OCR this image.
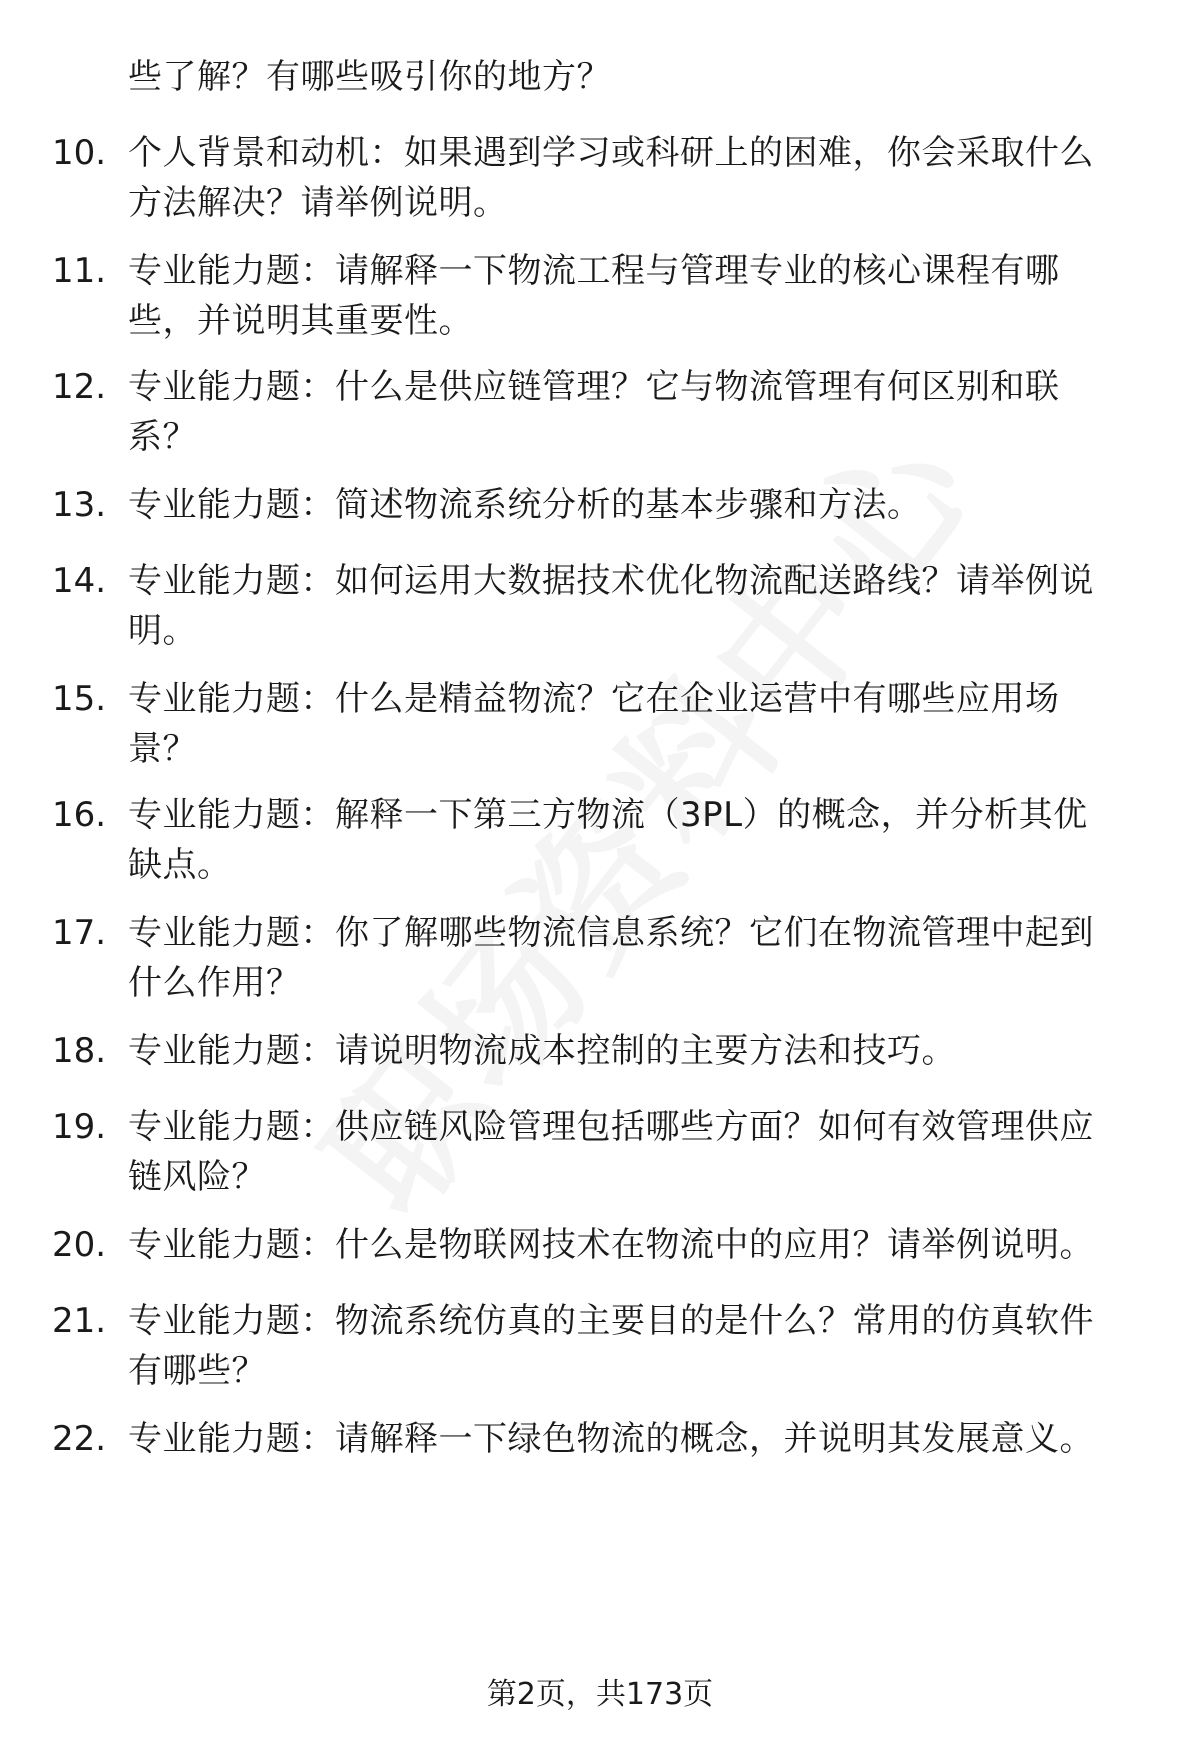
些了解？有哪些吸引你的地方？
10. 个人背景和动机：如果遇到学习或科研上的困难，你会采取什么
方法解决？请举例说明。
11. 专业能力题：请解释一下物流工程与管理专业的核心课程有哪
些，并说明其重要性。
12. 专业能力题：什么是供应链管理？它与物流管理有何区别和联
系？
13. 专业能力题：简述物流系统分析的基本步骤和方法。
14. 专业能力题：如何运用大数据技术优化物流配送路线？请举例说
明。
15. 专业能力题：什么是精益物流？它在企业运营中有哪些应用场
景？
16. 专业能力题：解释一下第三方物流（3PL）的概念，并分析其优
缺点。
17. 专业能力题：你了解哪些物流信息系统？它们在物流管理中起到
什么作用？
18. 专业能力题：请说明物流成本控制的主要方法和技巧。
19. 专业能力题：供应链风险管理包括哪些方面？如何有效管理供应
链风险？
20. 专业能力题：什么是物联网技术在物流中的应用？请举例说明。
21. 专业能力题：物流系统仿真的主要目的是什么？常用的仿真软件
有哪些？
22. 专业能力题：请解释一下绿色物流的概念，并说明其发展意义。
第2页，共173页
